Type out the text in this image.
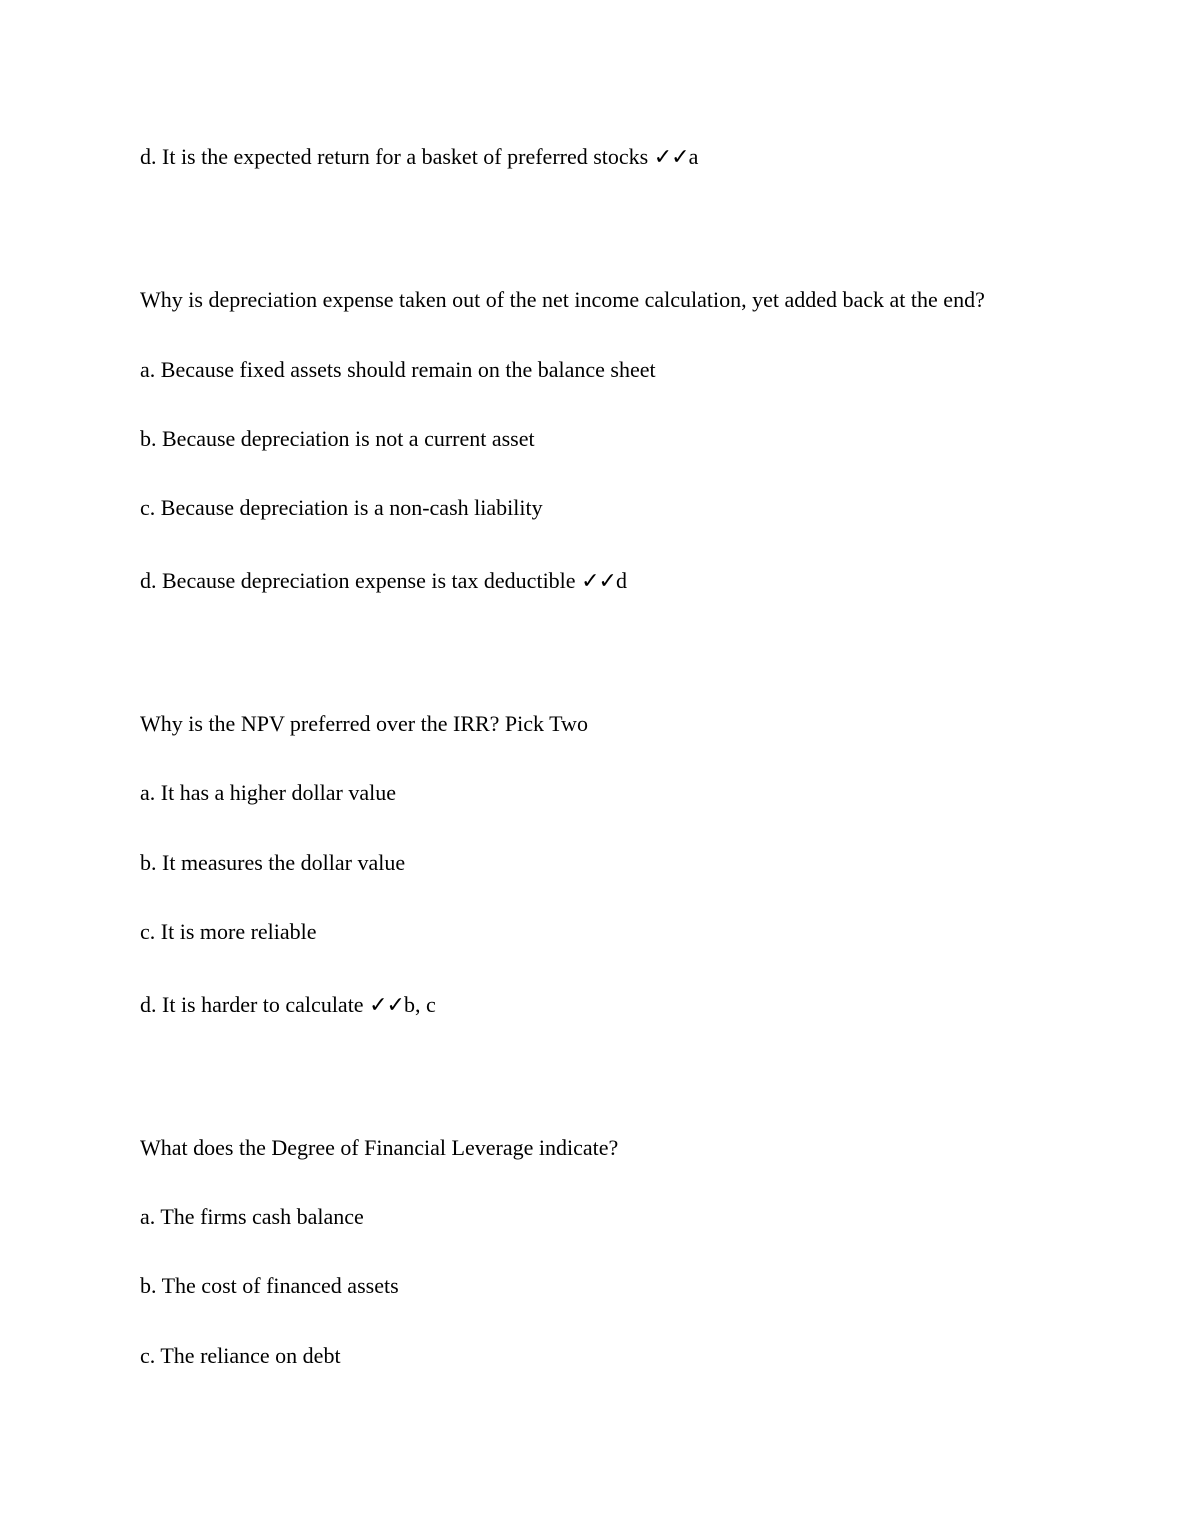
d. It is the expected return for a basket of preferred stocks ✓✓a
Why is depreciation expense taken out of the net income calculation, yet added back at the end?
a. Because fixed assets should remain on the balance sheet
b. Because depreciation is not a current asset
c. Because depreciation is a non-cash liability
d. Because depreciation expense is tax deductible ✓✓d
Why is the NPV preferred over the IRR? Pick Two
a. It has a higher dollar value
b. It measures the dollar value
c. It is more reliable
d. It is harder to calculate ✓✓b, c
What does the Degree of Financial Leverage indicate?
a. The firms cash balance
b. The cost of financed assets
c. The reliance on debt
